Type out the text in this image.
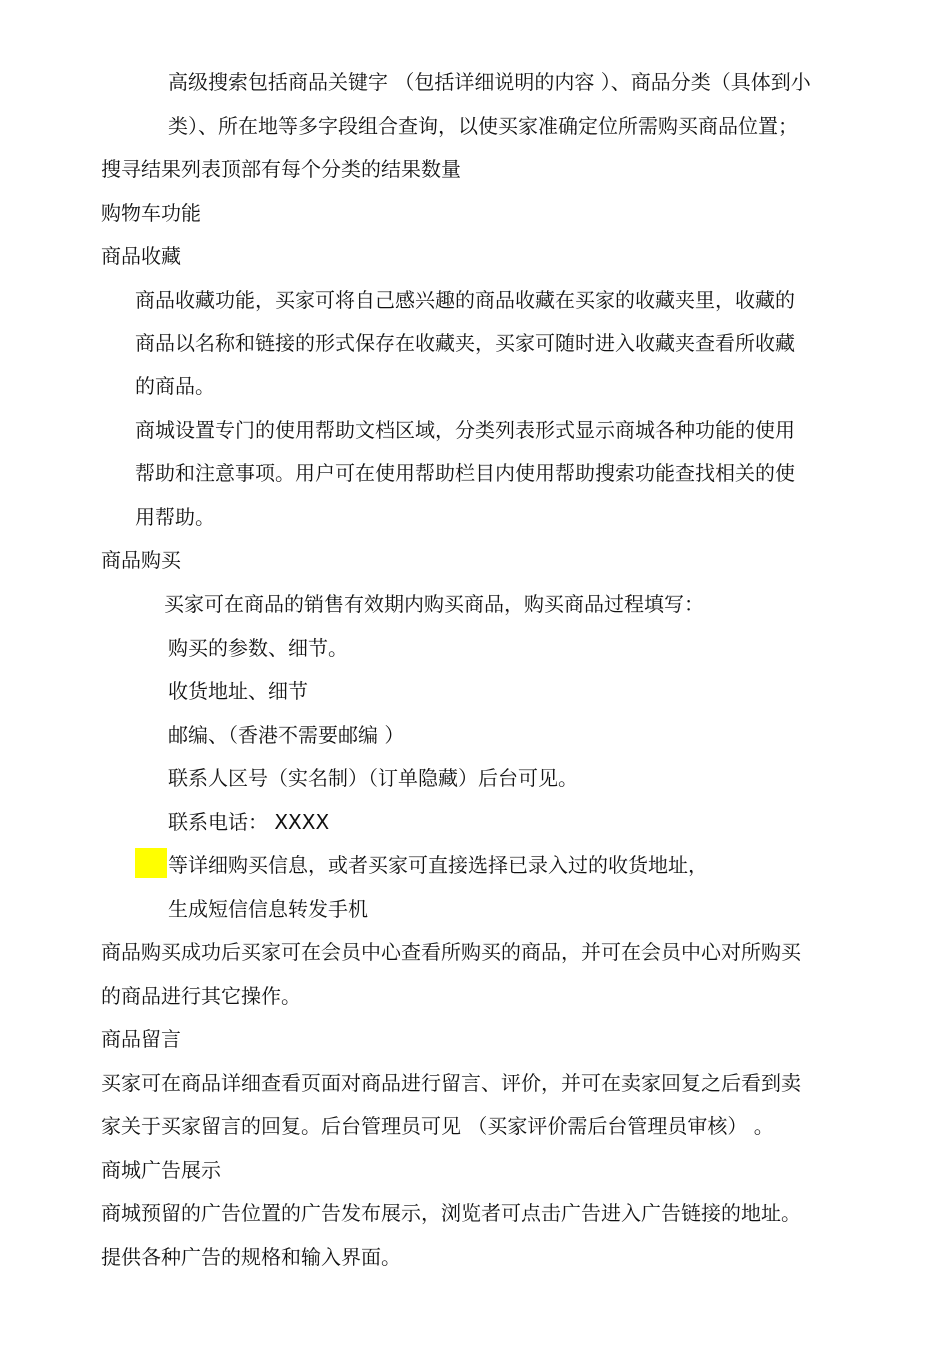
高级搜索包括商品关键字 （包括详细说明的内容 ）、商品分类（具体到小
类）、所在地等多字段组合查询，以使买家准确定位所需购买商品位置；
搜寻结果列表顶部有每个分类的结果数量
购物车功能
商品收藏
商品收藏功能，买家可将自己感兴趣的商品收藏在买家的收藏夹里，收藏的
商品以名称和链接的形式保存在收藏夹，买家可随时进入收藏夹查看所收藏
的商品。
商城设置专门的使用帮助文档区域，分类列表形式显示商城各种功能的使用
帮助和注意事项。用户可在使用帮助栏目内使用帮助搜索功能查找相关的使
用帮助。
商品购买
买家可在商品的销售有效期内购买商品，购买商品过程填写：
购买的参数、细节。
收货地址、细节
邮编、（香港不需要邮编 ）
联系人区号（实名制）（订单隐藏）后台可见。
联系电话： XXXX
等详细购买信息，或者买家可直接选择已录入过的收货地址，
生成短信信息转发手机
商品购买成功后买家可在会员中心查看所购买的商品，并可在会员中心对所购买
的商品进行其它操作。
商品留言
买家可在商品详细查看页面对商品进行留言、评价，并可在卖家回复之后看到卖
家关于买家留言的回复。后台管理员可见 （买家评价需后台管理员审核） 。
商城广告展示
商城预留的广告位置的广告发布展示，浏览者可点击广告进入广告链接的地址。
提供各种广告的规格和输入界面。
